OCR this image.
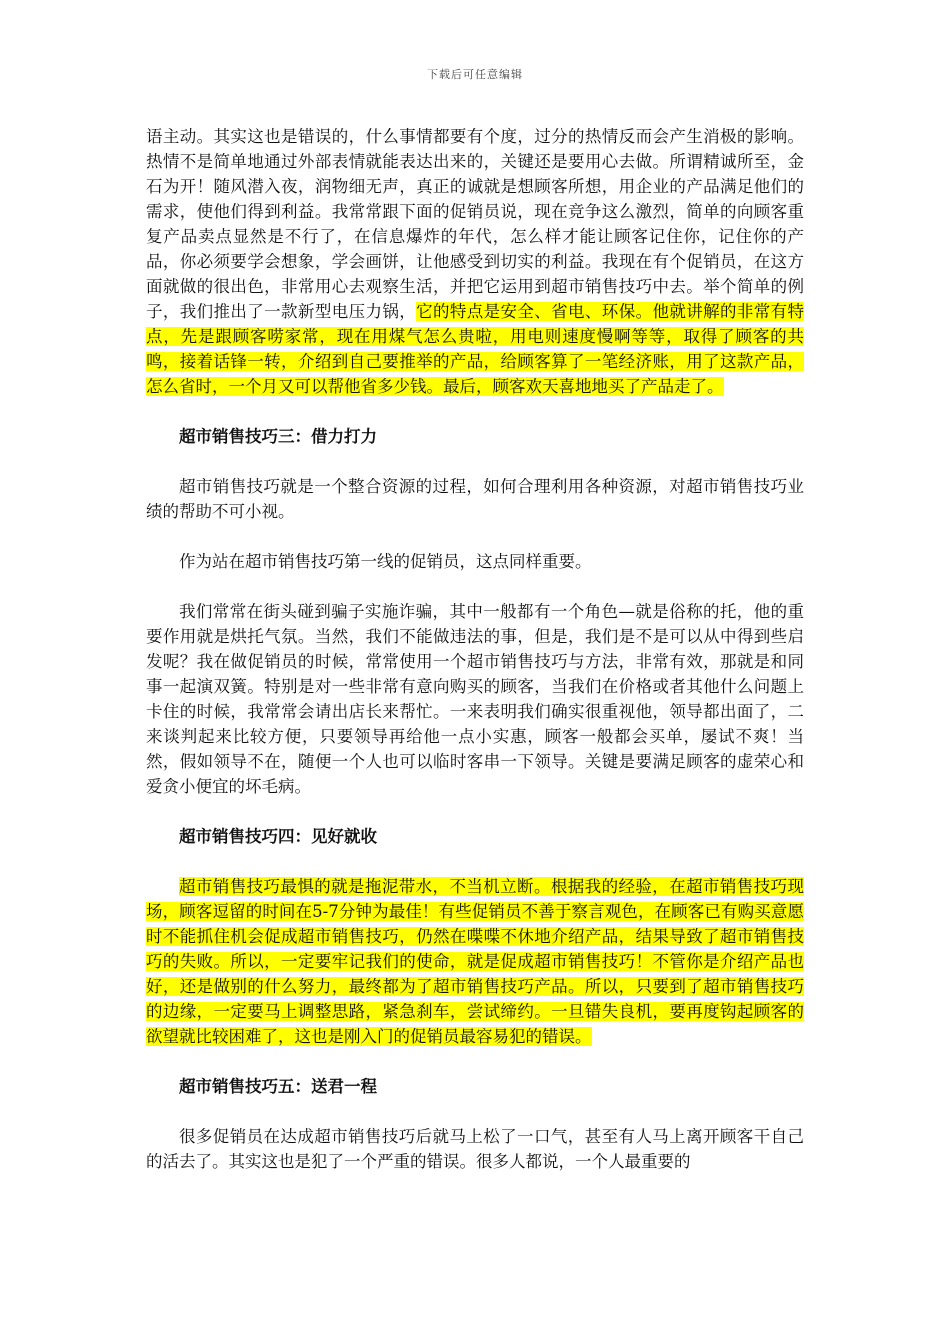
下载后可任意编辑

语主动。其实这也是错误的，什么事情都要有个度，过分的热情反而会产生消极的影响。热情不是简单地通过外部表情就能表达出来的，关键还是要用心去做。所谓精诚所至，金石为开！随风潜入夜，润物细无声，真正的诚就是想顾客所想，用企业的产品满足他们的需求，使他们得到利益。我常常跟下面的促销员说，现在竞争这么激烈，简单的向顾客重复产品卖点显然是不行了，在信息爆炸的年代，怎么样才能让顾客记住你，记住你的产品，你必须要学会想象，学会画饼，让他感受到切实的利益。我现在有个促销员，在这方面就做的很出色，非常用心去观察生活，并把它运用到超市销售技巧中去。举个简单的例子，我们推出了一款新型电压力锅，它的特点是安全、省电、环保。他就讲解的非常有特点，先是跟顾客唠家常，现在用煤气怎么贵啦，用电则速度慢啊等等，取得了顾客的共鸣，接着话锋一转，介绍到自己要推举的产品，给顾客算了一笔经济账，用了这款产品，怎么省时，一个月又可以帮他省多少钱。最后，顾客欢天喜地地买了产品走了。

超市销售技巧三：借力打力

超市销售技巧就是一个整合资源的过程，如何合理利用各种资源，对超市销售技巧业绩的帮助不可小视。

作为站在超市销售技巧第一线的促销员，这点同样重要。

我们常常在街头碰到骗子实施诈骗，其中一般都有一个角色—就是俗称的托，他的重要作用就是烘托气氛。当然，我们不能做违法的事，但是，我们是不是可以从中得到些启发呢？我在做促销员的时候，常常使用一个超市销售技巧与方法，非常有效，那就是和同事一起演双簧。特别是对一些非常有意向购买的顾客，当我们在价格或者其他什么问题上卡住的时候，我常常会请出店长来帮忙。一来表明我们确实很重视他，领导都出面了，二来谈判起来比较方便，只要领导再给他一点小实惠，顾客一般都会买单，屡试不爽！当然，假如领导不在，随便一个人也可以临时客串一下领导。关键是要满足顾客的虚荣心和爱贪小便宜的坏毛病。

超市销售技巧四：见好就收

超市销售技巧最惧的就是拖泥带水，不当机立断。根据我的经验，在超市销售技巧现场，顾客逗留的时间在5-7分钟为最佳！有些促销员不善于察言观色，在顾客已有购买意愿时不能抓住机会促成超市销售技巧，仍然在喋喋不休地介绍产品，结果导致了超市销售技巧的失败。所以，一定要牢记我们的使命，就是促成超市销售技巧！不管你是介绍产品也好，还是做别的什么努力，最终都为了超市销售技巧产品。所以，只要到了超市销售技巧的边缘，一定要马上调整思路，紧急刹车，尝试缔约。一旦错失良机，要再度钩起顾客的欲望就比较困难了，这也是刚入门的促销员最容易犯的错误。

超市销售技巧五：送君一程

很多促销员在达成超市销售技巧后就马上松了一口气，甚至有人马上离开顾客干自己的活去了。其实这也是犯了一个严重的错误。很多人都说，一个人最重要的
